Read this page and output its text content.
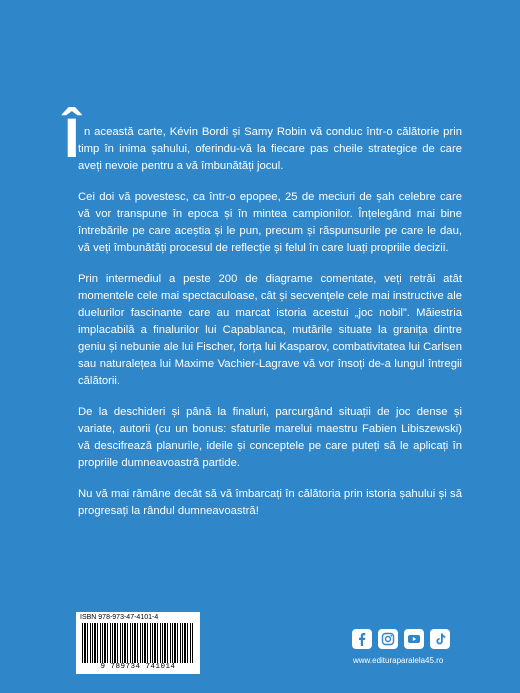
Î n această carte, Kévin Bordi și Samy Robin vă conduc într-o călătorie prin timp în inima șahului, oferindu-vă la fiecare pas cheile strategice de care aveți nevoie pentru a vă îmbunătăți jocul.

Cei doi vă povestesc, ca într-o epopee, 25 de meciuri de șah celebre care vă vor transpune în epoca și în mintea campionilor. Înțelegând mai bine întrebările pe care aceștia și le pun, precum și răspunsurile pe care le dau, vă veți îmbunătăți procesul de reflecție și felul în care luați propriile decizii.

Prin intermediul a peste 200 de diagrame comentate, veți retrăi atât momentele cele mai spectaculoase, cât și secvențele cele mai instructive ale duelurilor fascinante care au marcat istoria acestui „joc nobil”. Măiestria implacabilă a finalurilor lui Capablanca, mutările situate la granița dintre geniu și nebunie ale lui Fischer, forța lui Kasparov, combativitatea lui Carlsen sau naturalețea lui Maxime Vachier-Lagrave vă vor însoți de-a lungul întregii călătorii.

De la deschideri și până la finaluri, parcurgând situații de joc dense și variate, autorii (cu un bonus: sfaturile marelui maestru Fabien Libiszewski) vă descifrează planurile, ideile și conceptele pe care puteți să le aplicați în propriile dumneavoastră partide.

Nu vă mai rămâne decât să vă îmbarcați în călătoria prin istoria șahului și să progresați la rândul dumneavoastră!

ISBN 978-973-47-4101-4
9 789734 741014
www.edituraparalela45.ro
